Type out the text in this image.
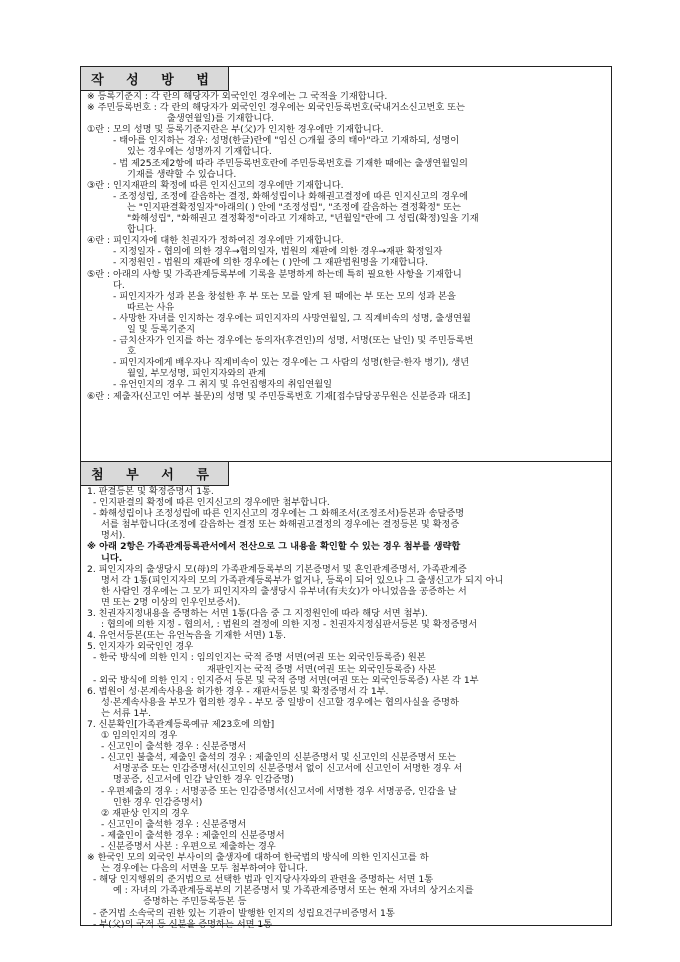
작 성 방 법
※ 등록기준지 : 각 란의 해당자가 외국인인 경우에는 그 국적을 기재합니다.
※ 주민등록번호 : 각 란의 해당자가 외국인인 경우에는 외국인등록번호(국내거소신고번호 또는
출생연월일)를 기재합니다.
①란 : 모의 성명 및 등록기준지란은 부(父)가 인지한 경우에만 기재합니다.
- 태아를 인지하는 경우: 성명(한글)란에 "임신 ○개월 중의 태아"라고 기재하되, 성명이
있는 경우에는 성명까지 기재합니다.
- 법 제25조제2항에 따라 주민등록번호란에 주민등록번호를 기재한 때에는 출생연월일의
기재를 생략할 수 있습니다.
③란 : 인지재판의 확정에 따른 인지신고의 경우에만 기재합니다.
- 조정성립, 조정에 갈음하는 결정, 화해성립이나 화해권고결정에 따른 인지신고의 경우에
는 "인지판결확정일자"아래의( ) 안에 "조정성립", "조정에 갈음하는 결정확정" 또는
"화해성립", "화해권고 결정확정"이라고 기재하고, "년월일"란에 그 성립(확정)일을 기재
합니다.
④란 : 피인지자에 대한 친권자가 정하여진 경우에만 기재합니다.
- 지정일자 - 협의에 의한 경우→협의일자, 법원의 재판에 의한 경우→재판 확정일자
- 지정원인 - 법원의 재판에 의한 경우에는 ( )안에 그 재판법원명을 기재합니다.
⑤란 : 아래의 사항 및 가족관계등록부에 기록을 분명하게 하는데 특히 필요한 사항을 기재합니
다.
- 피인지자가 성과 본을 창설한 후 부 또는 모를 알게 된 때에는 부 또는 모의 성과 본을
따르는 사유
- 사망한 자녀를 인지하는 경우에는 피인지자의 사망연월일, 그 직계비속의 성명, 출생연월
일 및 등록기준지
- 금치산자가 인지를 하는 경우에는 동의자(후견인)의 성명, 서명(또는 날인) 및 주민등록번
호
- 피인지자에게 배우자나 직계비속이 있는 경우에는 그 사람의 성명(한글·한자 병기), 생년
월일, 부모성명, 피인지자와의 관계
- 유언인지의 경우 그 취지 및 유언집행자의 취임연월일
⑥란 : 제출자(신고인 여부 불문)의 성명 및 주민등록번호 기재[접수담당공무원은 신분증과 대조]
첨 부 서 류
1. 판결등본 및 확정증명서 1통.
- 인지판결의 확정에 따른 인지신고의 경우에만 첨부합니다.
- 화해성립이나 조정성립에 따른 인지신고의 경우에는 그 화해조서(조정조서)등본과 송달증명
서를 첨부합니다(조정에 갈음하는 결정 또는 화해권고결정의 경우에는 결정등본 및 확정증
명서).
※ 아래 2항은 가족관계등록관서에서 전산으로 그 내용을 확인할 수 있는 경우 첨부를 생략합
니다.
2. 피인지자의 출생당시 모(母)의 가족관계등록부의 기본증명서 및 혼인관계증명서, 가족관계증
명서 각 1통(피인지자의 모의 가족관계등록부가 없거나, 등록이 되어 있으나 그 출생신고가 되지 아니
한 사람인 경우에는 그 모가 피인지자의 출생당시 유부녀(有夫女)가 아니었음을 공증하는 서
면 또는 2명 이상의 인우인보증서).
3. 친권자지정내용을 증명하는 서면 1통(다음 중 그 지정원인에 따라 해당 서면 첨부).
: 협의에 의한 지정 - 협의서, : 법원의 결정에 의한 지정 - 친권자지정심판서등본 및 확정증명서
4. 유언서등본(또는 유언녹음을 기재한 서면) 1통.
5. 인지자가 외국인인 경우
- 한국 방식에 의한 인지 : 임의인지는 국적 증명 서면(여권 또는 외국인등록증) 원본
재판인지는 국적 증명 서면(여권 또는 외국인등록증) 사본
- 외국 방식에 의한 인지 : 인지증서 등본 및 국적 증명 서면(여권 또는 외국인등록증) 사본 각 1부
6. 법원이 성·본계속사용을 허가한 경우 - 재판서등본 및 확정증명서 각 1부.
성·본계속사용을 부모가 협의한 경우 - 부모 중 일방이 신고할 경우에는 협의사실을 증명하
는 서류 1부.
7. 신분확인[가족관계등록예규 제23호에 의함]
① 임의인지의 경우
- 신고인이 출석한 경우 : 신분증명서
- 신고인 불출석, 제출인 출석의 경우 : 제출인의 신분증명서 및 신고인의 신분증명서 또는
서명공증 또는 인감증명서(신고인의 신분증명서 없이 신고서에 신고인이 서명한 경우 서
명공증, 신고서에 인감 날인한 경우 인감증명)
- 우편제출의 경우 : 서명공증 또는 인감증명서(신고서에 서명한 경우 서명공증, 인감을 날
인한 경우 인감증명서)
② 재판상 인지의 경우
- 신고인이 출석한 경우 : 신분증명서
- 제출인이 출석한 경우 : 제출인의 신분증명서
- 신분증명서 사본 : 우편으로 제출하는 경우
※ 한국인 모의 외국인 부사이의 출생자에 대하여 한국법의 방식에 의한 인지신고를 하
는 경우에는 다음의 서면을 모두 첨부하여야 합니다.
- 해당 인지행위의 준거법으로 선택한 법과 인지당사자와의 관련을 증명하는 서면 1통
예 : 자녀의 가족관계등록부의 기본증명서 및 가족관계증명서 또는 현재 자녀의 상거소지를
증명하는 주민등록등본 등
- 준거법 소속국의 권한 있는 기관이 발행한 인지의 성립요건구비증명서 1통
- 부(父)의 국적 등 신분을 증명하는 서면 1통
